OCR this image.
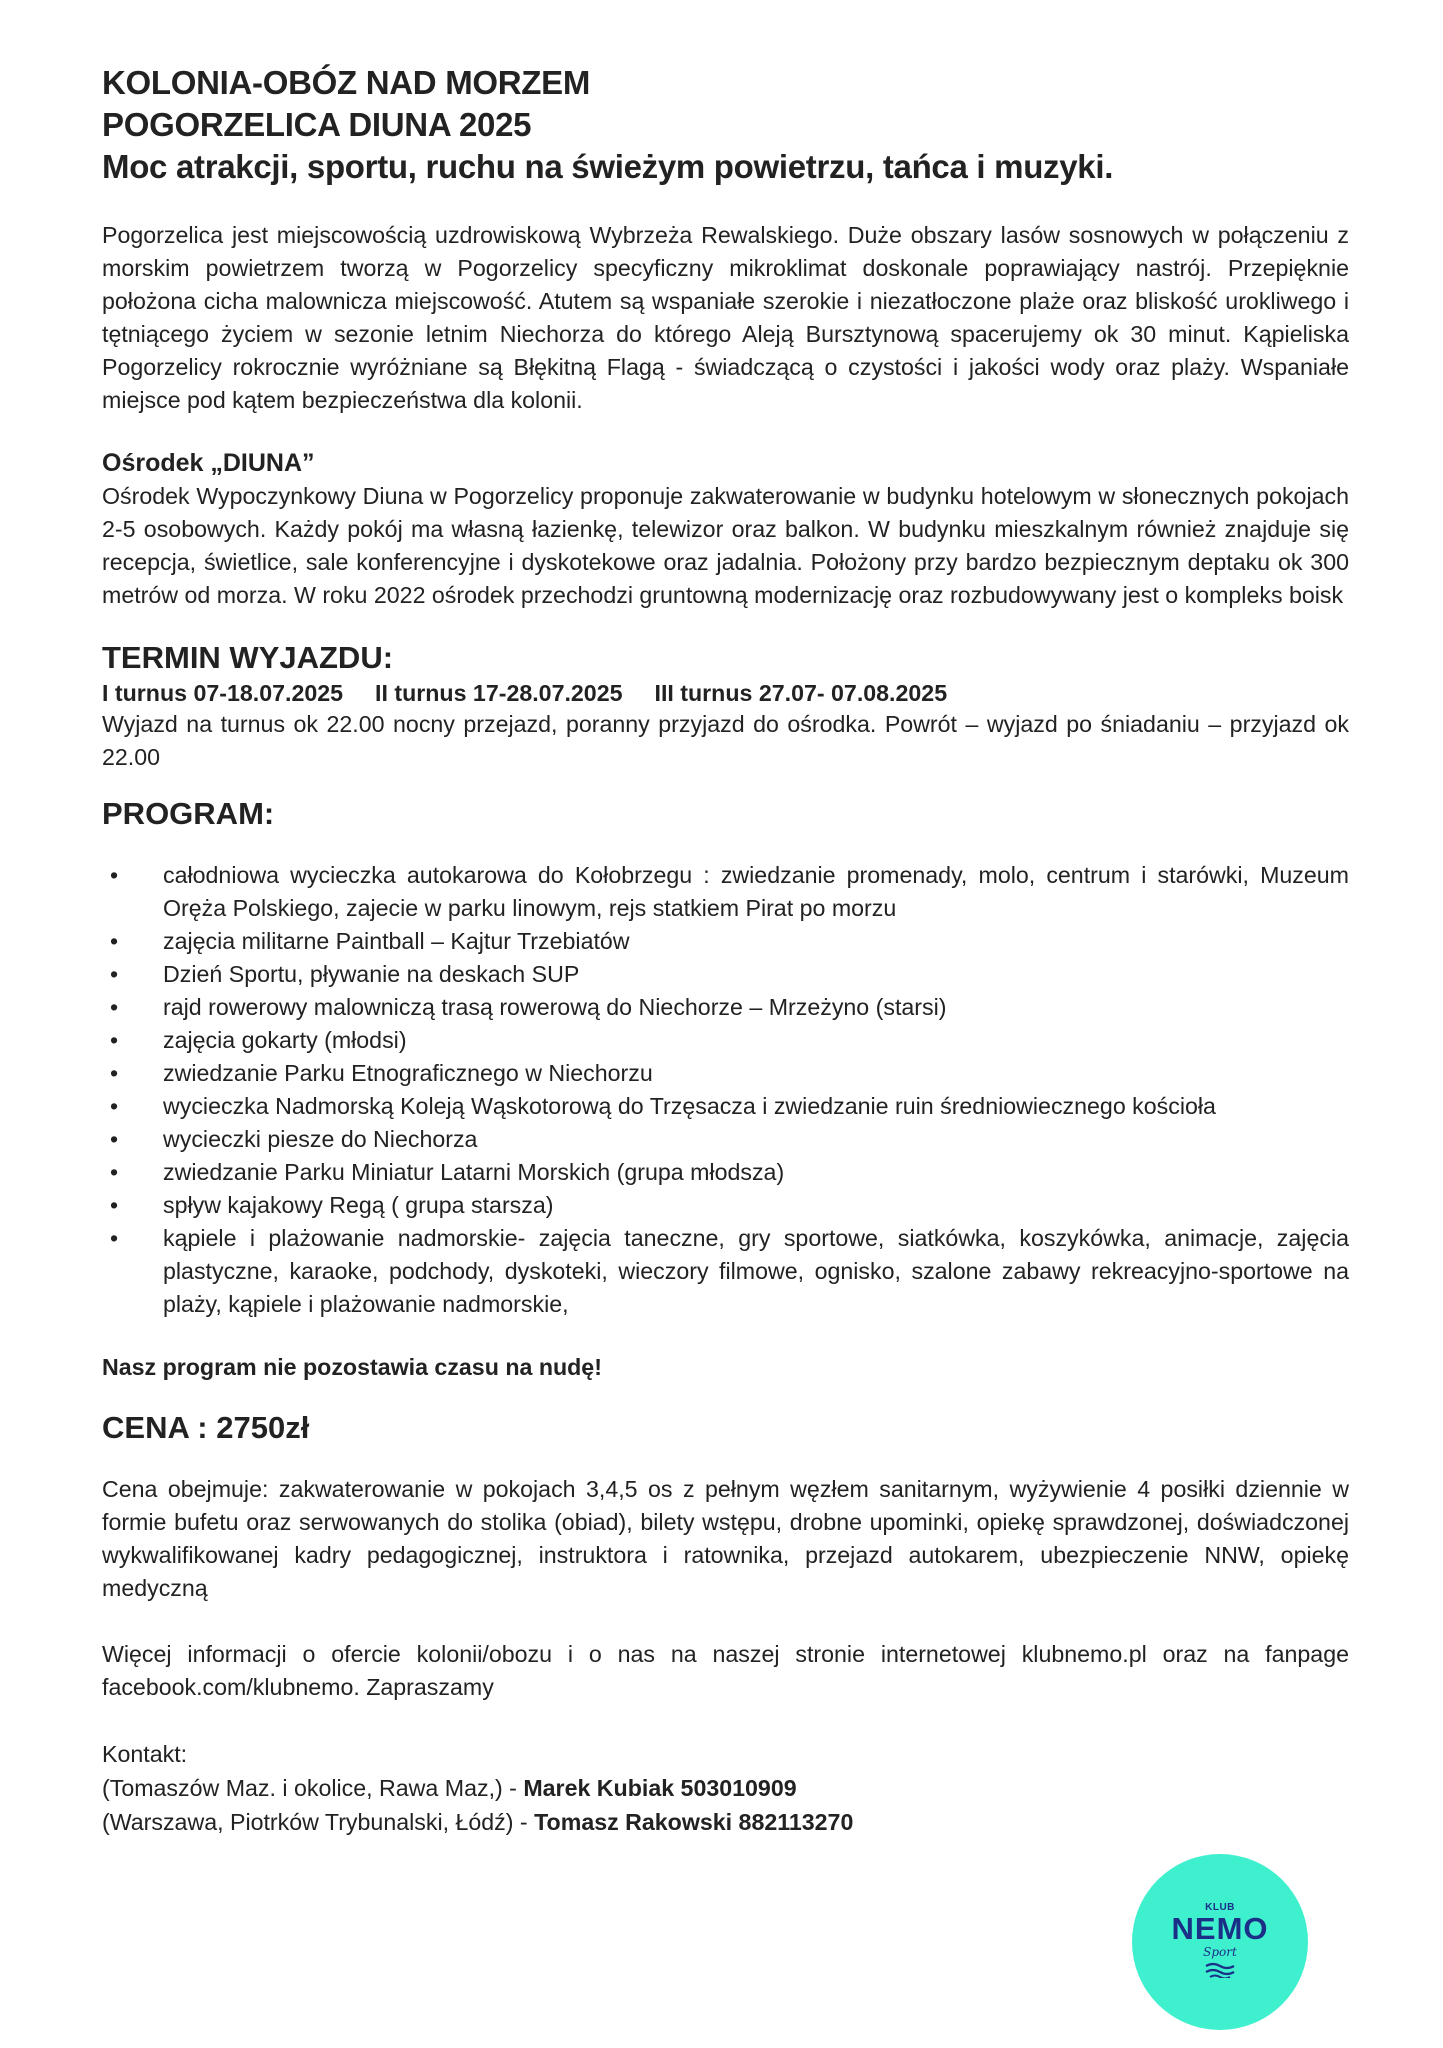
KOLONIA-OBÓZ NAD MORZEM
POGORZELICA DIUNA 2025
Moc atrakcji, sportu, ruchu na świeżym powietrzu, tańca i muzyki.

Pogorzelica jest miejscowością uzdrowiskową Wybrzeża Rewalskiego. Duże obszary lasów sosnowych w połączeniu z morskim powietrzem tworzą w Pogorzelicy specyficzny mikroklimat doskonale poprawiający nastrój. Przepięknie położona cicha malownicza miejscowość. Atutem są wspaniałe szerokie i niezatłoczone plaże oraz bliskość urokliwego i tętniącego życiem w sezonie letnim Niechorza do którego Aleją Bursztynową spacerujemy ok 30 minut. Kąpieliska Pogorzelicy rokrocznie wyróżniane są Błękitną Flagą - świadczącą o czystości i jakości wody oraz plaży. Wspaniałe miejsce pod kątem bezpieczeństwa dla kolonii.

Ośrodek „DIUNA”

Ośrodek Wypoczynkowy Diuna w Pogorzelicy proponuje zakwaterowanie w budynku hotelowym w słonecznych pokojach 2-5 osobowych. Każdy pokój ma własną łazienkę, telewizor oraz balkon. W budynku mieszkalnym również znajduje się recepcja, świetlice, sale konferencyjne i dyskotekowe oraz jadalnia. Położony przy bardzo bezpiecznym deptaku ok 300 metrów od morza. W roku 2022 ośrodek przechodzi gruntowną modernizację oraz rozbudowywany jest o kompleks boisk

TERMIN WYJAZDU:
I turnus 07-18.07.2025 II turnus 17-28.07.2025 III turnus 27.07- 07.08.2025

Wyjazd na turnus ok 22.00 nocny przejazd, poranny przyjazd do ośrodka. Powrót – wyjazd po śniadaniu – przyjazd ok 22.00

PROGRAM:
• całodniowa wycieczka autokarowa do Kołobrzegu : zwiedzanie promenady, molo, centrum i starówki, Muzeum Oręża Polskiego, zajecie w parku linowym, rejs statkiem Pirat po morzu
• zajęcia militarne Paintball – Kajtur Trzebiatów
• Dzień Sportu, pływanie na deskach SUP
• rajd rowerowy malowniczą trasą rowerową do Niechorze – Mrzeżyno (starsi)
• zajęcia gokarty (młodsi)
• zwiedzanie Parku Etnograficznego w Niechorzu
• wycieczka Nadmorską Koleją Wąskotorową do Trzęsacza i zwiedzanie ruin średniowiecznego kościoła
• wycieczki piesze do Niechorza
• zwiedzanie Parku Miniatur Latarni Morskich (grupa młodsza)
• spływ kajakowy Regą ( grupa starsza)
• kąpiele i plażowanie nadmorskie- zajęcia taneczne, gry sportowe, siatkówka, koszykówka, animacje, zajęcia plastyczne, karaoke, podchody, dyskoteki, wieczory filmowe, ognisko, szalone zabawy rekreacyjno-sportowe na plaży, kąpiele i plażowanie nadmorskie,
Nasz program nie pozostawia czasu na nudę!
CENA : 2750zł

Cena obejmuje: zakwaterowanie w pokojach 3,4,5 os z pełnym węzłem sanitarnym, wyżywienie 4 posiłki dziennie w formie bufetu oraz serwowanych do stolika (obiad), bilety wstępu, drobne upominki, opiekę sprawdzonej, doświadczonej wykwalifikowanej kadry pedagogicznej, instruktora i ratownika, przejazd autokarem, ubezpieczenie NNW, opiekę medyczną

Więcej informacji o ofercie kolonii/obozu i o nas na naszej stronie internetowej klubnemo.pl oraz na fanpage facebook.com/klubnemo. Zapraszamy

Kontakt:
(Tomaszów Maz. i okolice, Rawa Maz,) - Marek Kubiak 503010909
(Warszawa, Piotrków Trybunalski, Łódź) - Tomasz Rakowski 882113270
KLUB
NEMO
Sport
